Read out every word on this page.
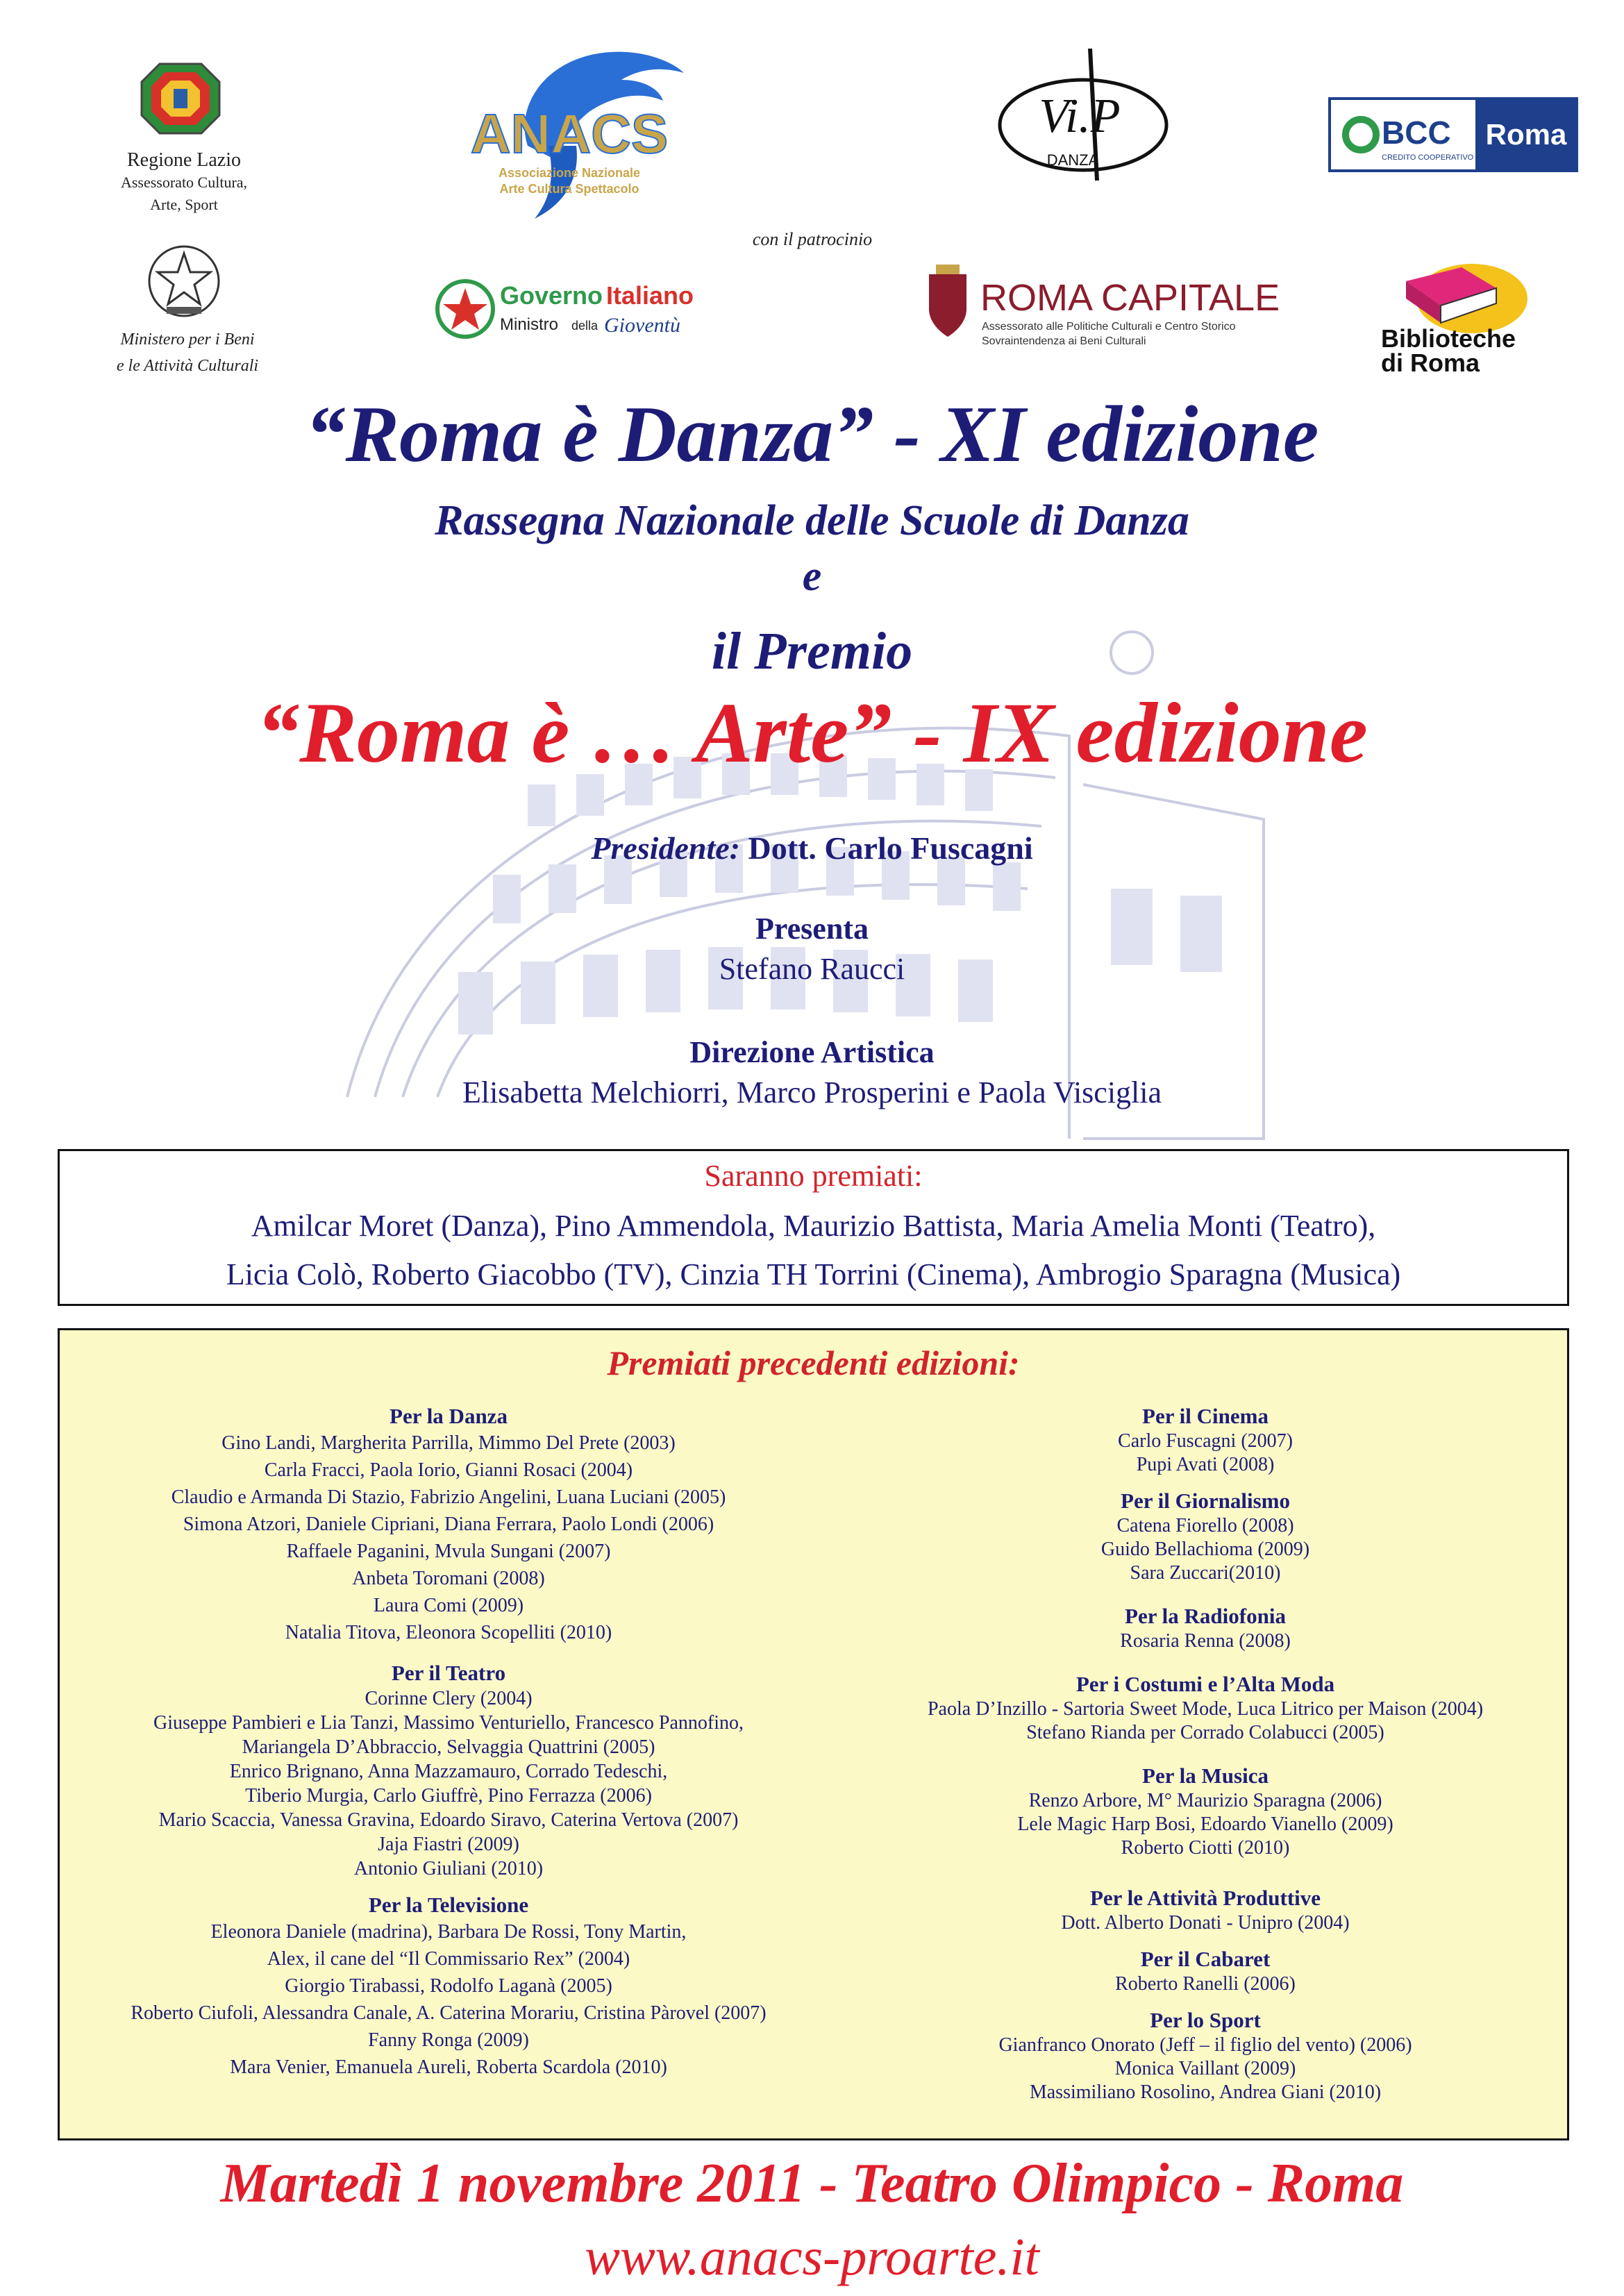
Regione Lazio
Assessorato Cultura,
Arte, Sport
ANACS
Associazione Nazionale
Arte Cultura Spettacolo
Vi.P
DANZA
BCC
CREDITO COOPERATIVO
Roma
con il patrocinio
Ministero per i Beni
e le Attività Culturali
Governo Italiano
Ministro della Gioventù
ROMA CAPITALE
Assessorato alle Politiche Culturali e Centro Storico
Sovraintendenza ai Beni Culturali	Biblioteche
di Roma
“Roma è Danza” - XI edizione
Rassegna Nazionale delle Scuole di Danza
e
il Premio
“Roma è … Arte” - IX edizione
Presidente: Dott. Carlo Fuscagni
Presenta
Stefano Raucci
Direzione Artistica
Elisabetta Melchiorri, Marco Prosperini e Paola Visciglia
Saranno premiati:
Amilcar Moret (Danza), Pino Ammendola, Maurizio Battista, Maria Amelia Monti (Teatro),
Licia Colò, Roberto Giacobbo (TV), Cinzia TH Torrini (Cinema), Ambrogio Sparagna (Musica)
Premiati precedenti edizioni:
Per la Danza

Gino Landi, Margherita Parrilla, Mimmo Del Prete (2003)

Carla Fracci, Paola Iorio, Gianni Rosaci (2004)

Claudio e Armanda Di Stazio, Fabrizio Angelini, Luana Luciani (2005)

Simona Atzori, Daniele Cipriani, Diana Ferrara, Paolo Londi (2006)

Raffaele Paganini, Mvula Sungani (2007)

Anbeta Toromani (2008)

Laura Comi (2009)

Natalia Titova, Eleonora Scopelliti (2010)

Per il Teatro

Corinne Clery (2004)

Giuseppe Pambieri e Lia Tanzi, Massimo Venturiello, Francesco Pannofino,

Mariangela D’Abbraccio, Selvaggia Quattrini (2005)

Enrico Brignano, Anna Mazzamauro, Corrado Tedeschi,

Tiberio Murgia, Carlo Giuffrè, Pino Ferrazza (2006)

Mario Scaccia, Vanessa Gravina, Edoardo Siravo, Caterina Vertova (2007)

Jaja Fiastri (2009)

Antonio Giuliani (2010)

Per la Televisione

Eleonora Daniele (madrina), Barbara De Rossi, Tony Martin,

Alex, il cane del “Il Commissario Rex” (2004)

Giorgio Tirabassi, Rodolfo Laganà (2005)

Roberto Ciufoli, Alessandra Canale, A. Caterina Morariu, Cristina Pàrovel (2007)

Fanny Ronga (2009)

Mara Venier, Emanuela Aureli, Roberta Scardola (2010)

Per il Cinema

Carlo Fuscagni (2007)

Pupi Avati (2008)

Per il Giornalismo

Catena Fiorello (2008)

Guido Bellachioma (2009)

Sara Zuccari(2010)

Per la Radiofonia

Rosaria Renna (2008)

Per i Costumi e l’Alta Moda

Paola D’Inzillo - Sartoria Sweet Mode, Luca Litrico per Maison (2004)

Stefano Rianda per Corrado Colabucci (2005)

Per la Musica

Renzo Arbore, M° Maurizio Sparagna (2006)

Lele Magic Harp Bosi, Edoardo Vianello (2009)

Roberto Ciotti (2010)

Per le Attività Produttive

Dott. Alberto Donati - Unipro (2004)

Per il Cabaret

Roberto Ranelli (2006)

Per lo Sport

Gianfranco Onorato (Jeff – il figlio del vento) (2006)

Monica Vaillant (2009)

Massimiliano Rosolino, Andrea Giani (2010)

Martedì 1 novembre 2011 - Teatro Olimpico - Roma
www.anacs-proarte.it
